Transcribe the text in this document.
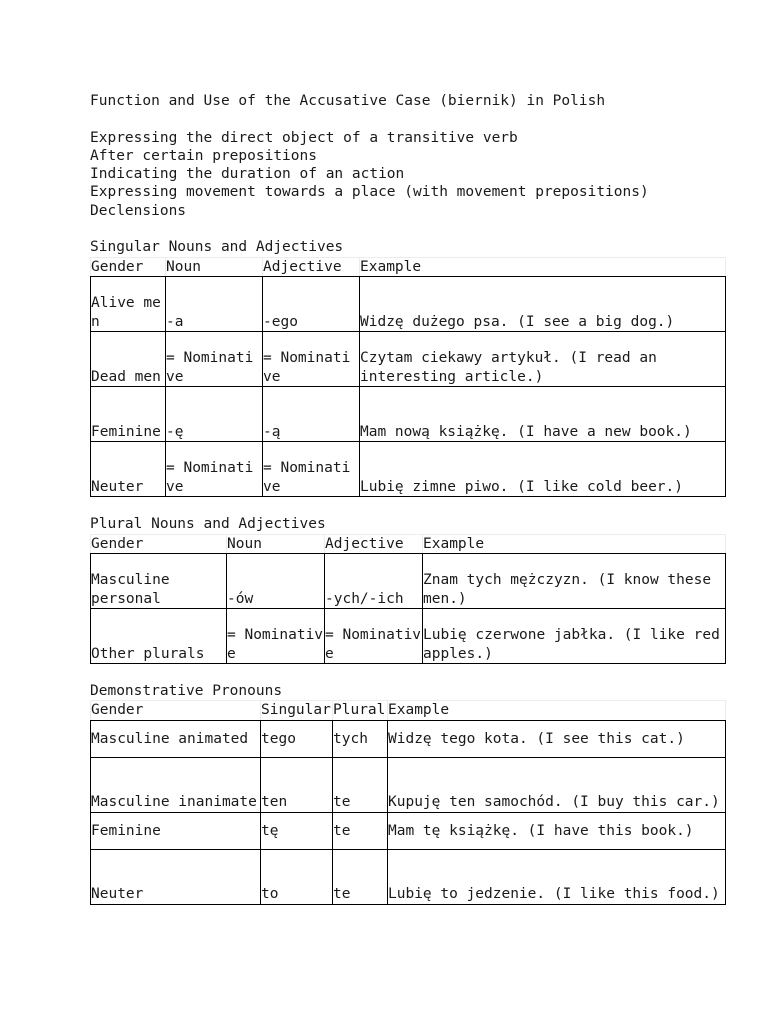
Function and Use of the Accusative Case (biernik) in Polish
Expressing the direct object of a transitive verb
After certain prepositions
Indicating the duration of an action
Expressing movement towards a place (with movement prepositions)
Declensions
Singular Nouns and Adjectives
Gender	Noun	Adjective	Example
Alive men	-a	-ego	Widzę dużego psa. (I see a big dog.)
Dead men	= Nominative	= Nominative	Czytam ciekawy artykuł. (I read an interesting article.)
Feminine	-ę	-ą	Mam nową książkę. (I have a new book.)
Neuter	= Nominative	= Nominative	Lubię zimne piwo. (I like cold beer.)
Plural Nouns and Adjectives
Gender	Noun	Adjective	Example
Masculine personal	-ów	-ych/-ich	Znam tych mężczyzn. (I know these men.)
Other plurals	= Nominative	= Nominative	Lubię czerwone jabłka. (I like red apples.)
Demonstrative Pronouns
Gender	Singular	Plural	Example
Masculine animated	tego	tych	Widzę tego kota. (I see this cat.)
Masculine inanimate	ten	te	Kupuję ten samochód. (I buy this car.)
Feminine	tę	te	Mam tę książkę. (I have this book.)
Neuter	to	te	Lubię to jedzenie. (I like this food.)
